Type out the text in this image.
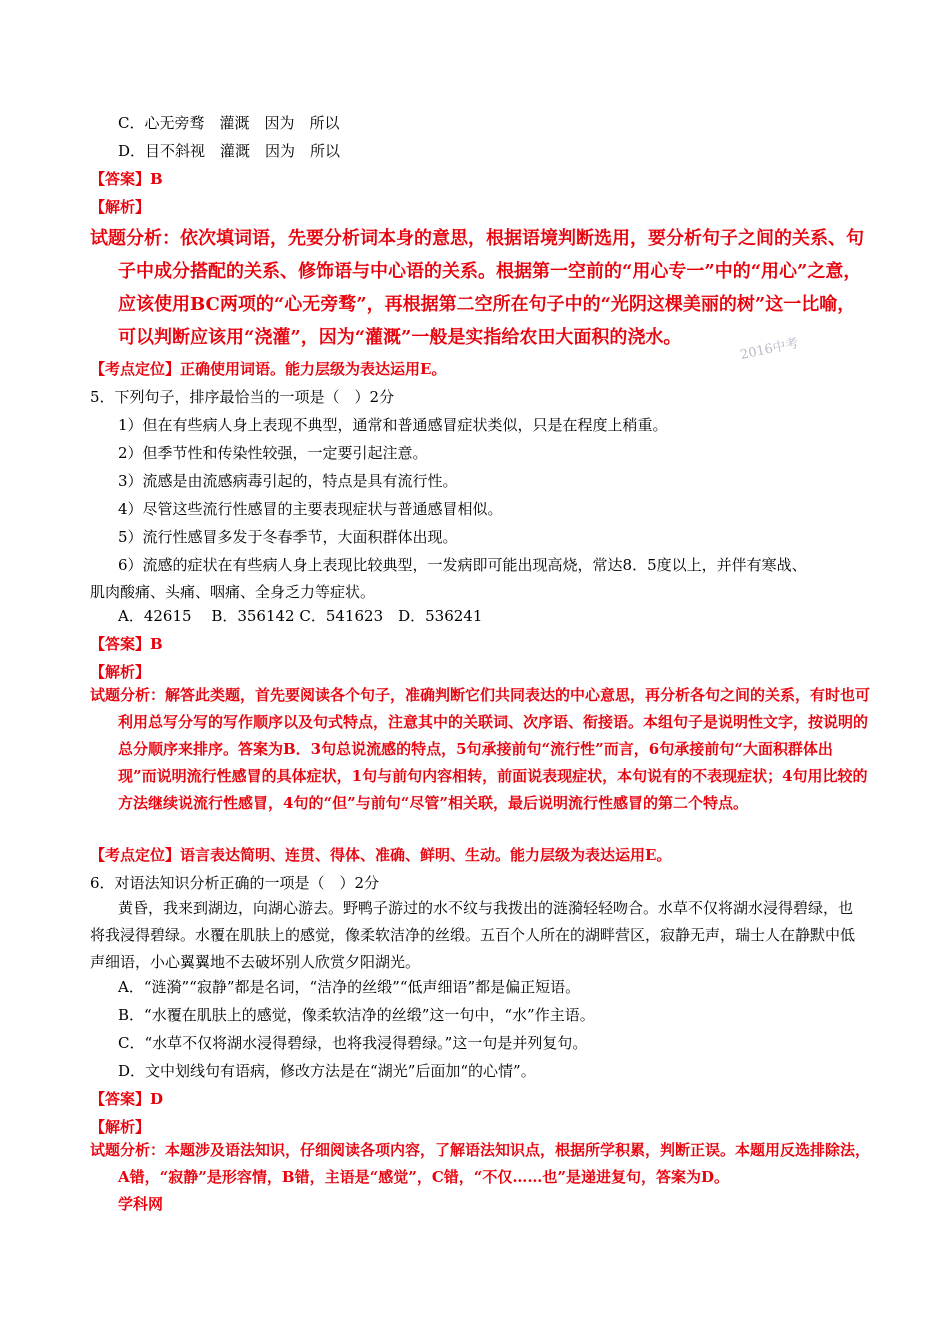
C．心无旁骛　灌溉　因为　所以
D．目不斜视　灌溉　因为　所以
【答案】B
【解析】

试题分析：依次填词语，先要分析词本身的意思，根据语境判断选用，要分析句子之间的关系、句子中成分搭配的关系、修饰语与中心语的关系。根据第一空前的“用心专一”中的“用心”之意，应该使用BC两项的“心无旁骛”，再根据第二空所在句子中的“光阴这棵美丽的树”这一比喻，可以判断应该用“浇灌”，因为“灌溉”一般是实指给农田大面积的浇水。	2016中考
【考点定位】正确使用词语。能力层级为表达运用E。
5．下列句子，排序最恰当的一项是（　）2分
1）但在有些病人身上表现不典型，通常和普通感冒症状类似，只是在程度上稍重。
2）但季节性和传染性较强，一定要引起注意。
3）流感是由流感病毒引起的，特点是具有流行性。
4）尽管这些流行性感冒的主要表现症状与普通感冒相似。
5）流行性感冒多发于冬春季节，大面积群体出现。
6）流感的症状在有些病人身上表现比较典型，一发病即可能出现高烧，常达8．5度以上，并伴有寒战、
肌肉酸痛、头痛、咽痛、全身乏力等症状。
A．42615　 B．356142 C．541623　D．536241
【答案】B
【解析】

试题分析：解答此类题，首先要阅读各个句子，准确判断它们共同表达的中心意思，再分析各句之间的关系，有时也可利用总写分写的写作顺序以及句式特点，注意其中的关联词、次序语、衔接语。本组句子是说明性文字，按说明的总分顺序来排序。答案为B．3句总说流感的特点，5句承接前句“流行性”而言，6句承接前句“大面积群体出现”而说明流行性感冒的具体症状，1句与前句内容相转，前面说表现症状，本句说有的不表现症状；4句用比较的方法继续说流行性感冒，4句的“但”与前句“尽管”相关联，最后说明流行性感冒的第二个特点。

【考点定位】语言表达简明、连贯、得体、准确、鲜明、生动。能力层级为表达运用E。
6．对语法知识分析正确的一项是（　）2分
黄昏，我来到湖边，向湖心游去。野鸭子游过的水不纹与我拨出的涟漪轻轻吻合。水草不仅将湖水浸得碧绿，也将我浸得碧绿。水覆在肌肤上的感觉，像柔软洁净的丝缎。五百个人所在的湖畔营区，寂静无声，瑞士人在静默中低声细语，小心翼翼地不去破坏别人欣赏夕阳湖光。
A．“涟漪”“寂静”都是名词，“洁净的丝缎”“低声细语”都是偏正短语。
B．“水覆在肌肤上的感觉，像柔软洁净的丝缎”这一句中，“水”作主语。
C．“水草不仅将湖水浸得碧绿，也将我浸得碧绿。”这一句是并列复句。
D．文中划线句有语病，修改方法是在“湖光”后面加“的心情”。
【答案】D
【解析】

试题分析：本题涉及语法知识，仔细阅读各项内容，了解语法知识点，根据所学积累，判断正误。本题用反选排除法，A错，“寂静”是形容情，B错，主语是“感觉”，C错，“不仅……也”是递进复句，答案为D。

学科网
